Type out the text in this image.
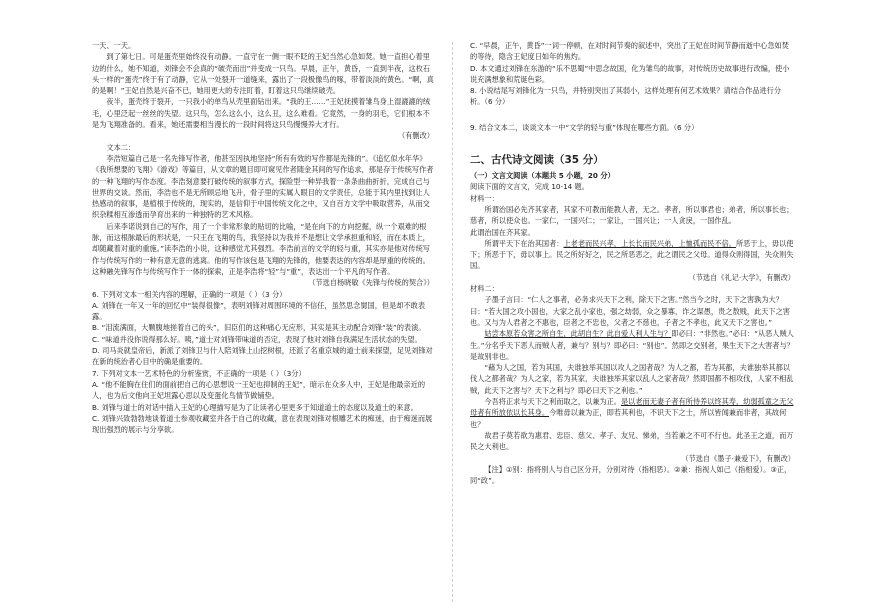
一天、一天。

到了第七日。可是蛋壳里始终没有动静。一直守在一侧一眼不眨的王妃当然心急如焚。她一直担心着里边的什么，她不知道，刘锋会不会真的“破壳而出”并变成一只鸟。早晨，正午，黄昏，一直到半夜，这枚石头一样的“蛋壳”终于有了动静，它从一处裂开一道缝来，露出了一段极像鸟的啄，带着淡淡的黄色。“啊，真的是啊！”王妃自然是兴奋不已，她用更大的专注盯着，盯着这只鸟继续破壳。

夜半，蛋壳终于裂开，一只我小的单鸟从壳里面钻出来。“我的王……”王妃抚摸着雏鸟身上湿漉漉的绒毛，心里泛起一丝丝的失望。这只鸟，怎么这么小，这么丑，这么难看。它竟然，一身的羽毛，它们根本不是为飞翔准备的。看来，她还需要相当漫长的一段时间将这只鸟慢慢养大才行。

（有删改）

文本二：

李浩短篇自己是一名先锋写作者，他甚至因执地坚持“所有有效的写作都是先锋的”。《追忆似水年华》《我所想要的飞翔》《游戏》等篇目，从文章的题目即可窥见作者随金其间的写作追求，那是存于传统写作者的一种飞翔的写作态度。李浩刻意要打破传统的叙事方式，探险型一种异我着一条条曲曲折折，完成自己与世界的交谈。然而，李浩也不是无所顾忌地飞升，骨子里的实属人眼目的文学责任，总能于其内里找到让人热感动的叙事，是植根于传统的，现实的，是信仰于中国传统文化之中，又自百方文学中吸取营养，从而交织杂糅相互渗透而孕育出来的一种独特的艺术风格。

后来李诺说到自己的写作，用了一个非常形象的贴切的比喻，“是在向下的方向挖掘，纵一个艰难的根脉，而这根脉最后的形状是，一只王在飞翔的鸟，我坚持以为我并不是想让文学承担重和轻，而在本质上，却随藏着对重的重施。”读李浩的小说，这种感觉尤其强烈。李浩前言的文学的轻与重，其实亦是他对传统写作与传统写作的一种有意无意的逃离。他的写作该包是飞翔的先锋的，他要表达的内容却是厚重的传统的。这种融先锋写作与传统写作于一体的探索，正是李浩将“轻”与“重”，表达出一个平凡的写作者。

（节选自杨晓敏《先锋与传统的契合》）

6. 下列对文本一相关内容的理解，正确的一项是（ ）（3 分）

A. 刘锋在一年又一年的回忆中“装得很像”，表明刘锋对周围环境的不信任，虽然思念舅国，但是却不敢表露。

B. “泪流满面，大颗腹地搓着自己的头”，旧臣们的这种痛心无应形，其实是其主动配合刘锋“装”的表演。

C. “味道并没你说得那么好。咦，”道士对刘锋带味道的否定，表现了他对刘锋自我满足生活状态的失望。

D. 司马炎就皇帝后，新派了刘锋卫与什人陪刘锋上山挖树根，还派了名重京城的道士前来探望，足见刘锋对在新的统治者心目中的确是重要的。

7. 下列对文本一艺术特色的分析鉴赏，不正确的一项是（ ）（3分）

A. “他不能胸在住们的面前把自己的心思想说一王妃也抑制的王妃”，暗示在众多人中，王妃是他最亲近的人，也为后文他向王妃坦露心思以及变蛋化鸟情节做铺垫。

B. 刘锋与道士的对话中插入王妃的心理描写是为了让读者心里更多于知道道士的态度以及道士的来意。

C. 刘锋兴致勃勃地谈着道士参观收藏室并各于自己的收藏，意在表现刘锋对根雕艺术的痴迷，由于痴迷而展现出强烈的展示与分享欲。

C. “早晨，正午，黄昏”一词一停顿，在对时间节奏的叙述中，突出了王妃在时间节静而逝中心急如焚的等待，隐含王妃度日如年的焦灼。

D. 本文通过刘锋在东游的“乐不思蜀”中思念故国，化为雏鸟的故事，对传统历史故事进行改编，使小说充满想象和荒诞色彩。

8. 小说结尾写刘锋化为一只鸟，并特别突出了其弱小，这样处理有何艺术效果？请结合作品进行分析。（6 分）

9. 结合文本二，谈谈文本一中“文学的轻与重”体现在哪些方面。（6 分）

二、古代诗文阅读（35 分）

（一）文言文阅读（本题共 5 小题，20 分）

阅读下面的文言文，完成 10-14 题。

材料一：

所谓治国必先齐其家者，其家不可教而能教人者，无之。孝者，所以事君也；弟者，所以事长也；慈者，所以使众也。一家仁，一国兴仁；一家让，一国兴让；一人贪戾，一国作乱。

此谓治国在齐其家。

所谓平天下在治其国者：上老老而民兴孝，上长长而民兴弟，上恤孤而民不倍。所恶于上，毋以使下；所恶于下，毋以事上。民之所好好之，民之所恶恶之，此之谓民之父母。道得众则得国，失众则失国。

（节选自《礼记·大学》，有删改）

材料二：

子墨子言曰：“仁人之事者，必务求兴天下之利，除天下之害。”然当今之时，天下之害孰为大？曰：“若大国之攻小国也，大家之乱小家也，强之劫弱，众之暴寡，诈之谋愚，贵之敖贱，此天下之害也。又与为人君者之不惠也，臣者之不忠也，父者之不慈也，子者之不孝也，此又天下之害也。”

姑尝本原若众害之所自生，此胡自生？此自爱人利人生与？即必曰：“非然也。”必曰：“从恶人贼人生。”分名乎天下恶人而贼人者，兼与？别与？即必曰：“别也”。然即之交别者，果生天下之大害者与？是故别非也。

“藉为人之国，若为其国，夫谁独举其国以攻人之国者哉？为人之都，若为其都，夫谁独举其都以伐人之都者哉？为人之家，若为其家，夫谁独举其家以乱人之家者哉？然即国都不相攻伐，人家不相乱贼，此天下之害与？天下之利与？即必曰天下之利也。”

今吾将正求与天下之利而取之，以兼为正。是以老而无妻子者有所侍养以终其寿，幼弱孤童之无父母者有所放依以长其身。今唯毋以兼为正，即若其利也，不识天下之士，所以皆闻兼而非者，其故何也？

故君子莫若欲为惠君、忠臣、慈父、孝子、友兄、悌弟，当若兼之不可不行也。此圣王之道，而万民之大利也。

（节选自《墨子·兼爱下》，有删改）

【注】①别：指将别人与自己区分开，分别对待（指相恶）。②兼：指视人如己（指相爱）。③正，同“政”。
